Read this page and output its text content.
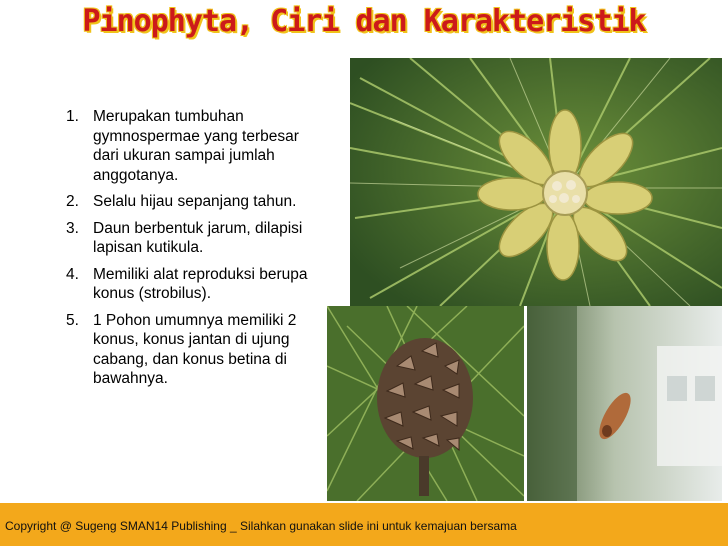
Pinophyta, Ciri dan Karakteristik
1. Merupakan tumbuhan gymnospermae yang terbesar dari ukuran sampai jumlah anggotanya.
2. Selalu hijau sepanjang tahun.
3. Daun berbentuk jarum, dilapisi lapisan kutikula.
4. Memiliki alat reproduksi berupa konus (strobilus).
5. 1 Pohon umumnya memiliki 2 konus, konus jantan di ujung cabang, dan konus betina di bawahnya.
Copyright @ Sugeng SMAN14 Publishing _ Silahkan gunakan slide ini untuk kemajuan bersama
